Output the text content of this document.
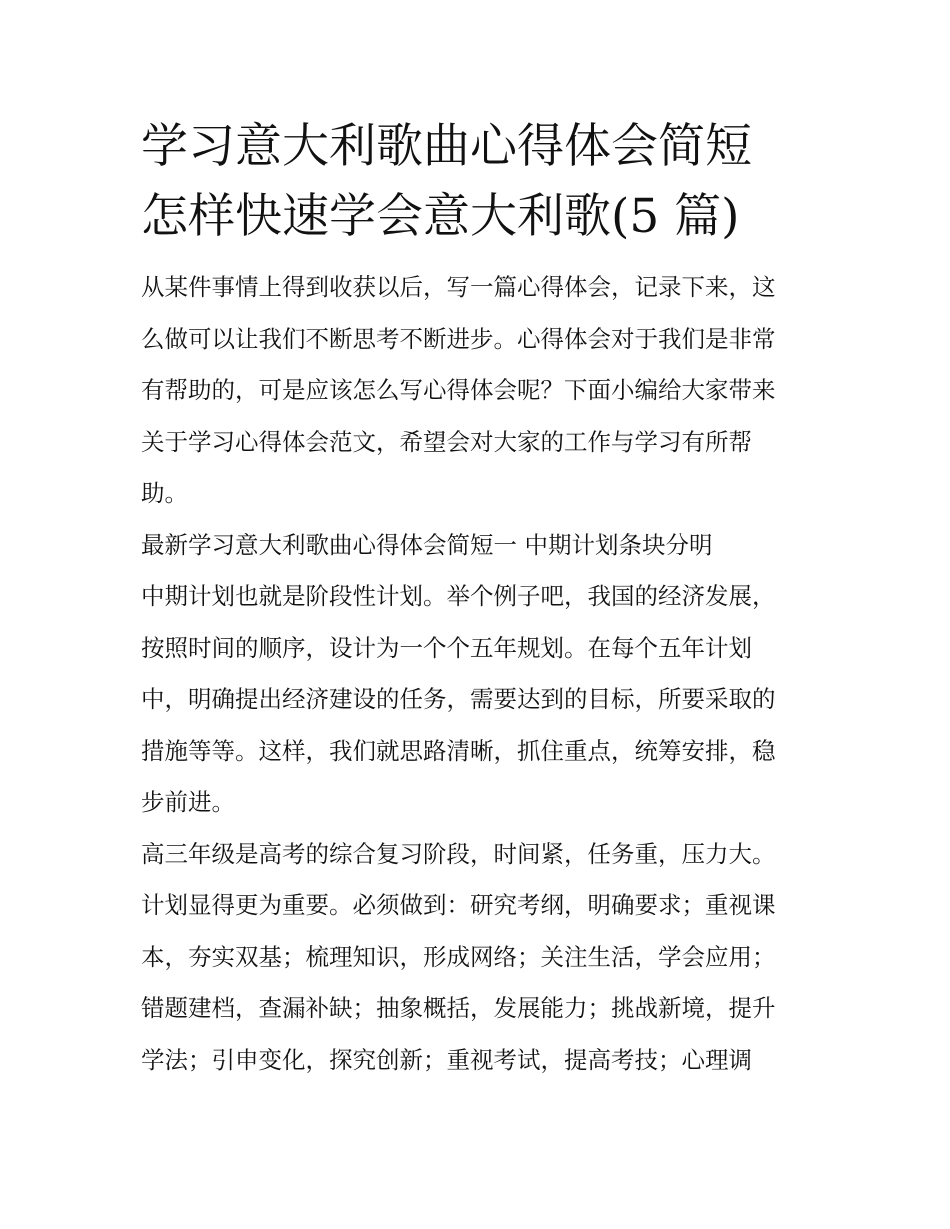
学习意大利歌曲心得体会简短
怎样快速学会意大利歌(5 篇)

从某件事情上得到收获以后，写一篇心得体会，记录下来，这
么做可以让我们不断思考不断进步。心得体会对于我们是非常
有帮助的，可是应该怎么写心得体会呢？下面小编给大家带来
关于学习心得体会范文，希望会对大家的工作与学习有所帮
助。

最新学习意大利歌曲心得体会简短一 中期计划条块分明

中期计划也就是阶段性计划。举个例子吧，我国的经济发展，
按照时间的顺序，设计为一个个五年规划。在每个五年计划
中，明确提出经济建设的任务，需要达到的目标，所要采取的
措施等等。这样，我们就思路清晰，抓住重点，统筹安排，稳
步前进。

高三年级是高考的综合复习阶段，时间紧，任务重，压力大。
计划显得更为重要。必须做到：研究考纲，明确要求；重视课
本，夯实双基；梳理知识，形成网络；关注生活，学会应用；
错题建档，查漏补缺；抽象概括，发展能力；挑战新境，提升
学法；引申变化，探究创新；重视考试，提高考技；心理调
